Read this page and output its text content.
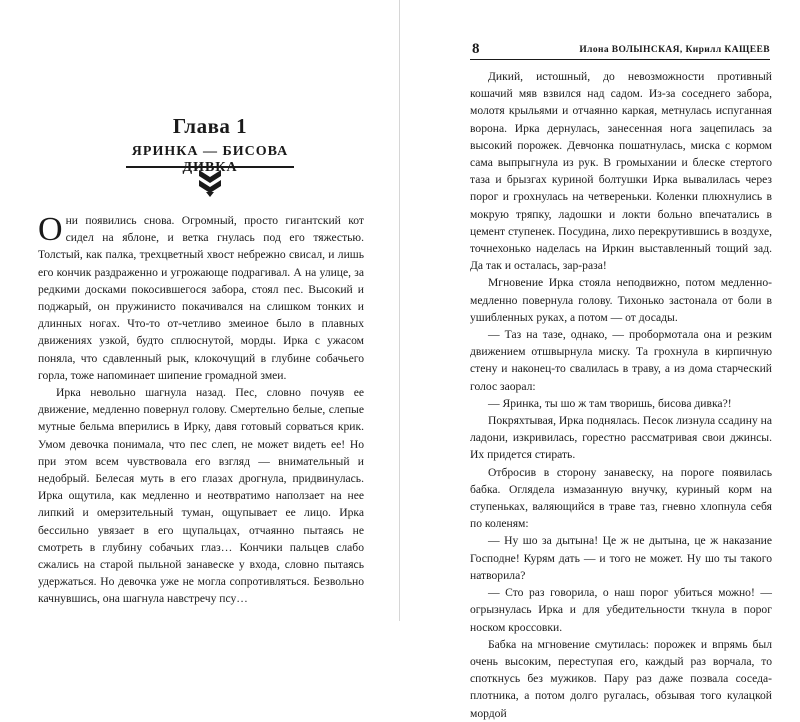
Глава 1
ЯРИНКА — БИСОВА

Они появились снова. Огромный, просто гигантский кот сидел на яблоне, и ветка гнулась под его тяжестью. Толстый, как палка, трехцветный хвост небрежно свисал, и лишь его кончик раздраженно и угрожающе подрагивал. А на улице, за редкими досками покосившегося забора, стоял пес. Высокий и поджарый, он пружинисто покачивался на слишком тонких и длинных ногах. Что-то от-четливо змеиное было в плавных движениях узкой, будто сплюснутой, морды. Ирка с ужасом поняла, что сдавленный рык, клокочущий в глубине собачьего горла, тоже напоминает шипение громадной змеи.

Ирка невольно шагнула назад. Пес, словно почуяв ее движение, медленно повернул голову. Смертельно белые, слепые мутные бельма вперились в Ирку, давя готовый сорваться крик. Умом девочка понимала, что пес слеп, не может видеть ее! Но при этом всем чувствовала его взгляд — внимательный и недобрый. Белесая муть в его глазах дрогнула, придвинулась. Ирка ощутила, как медленно и неотвратимо наползает на нее липкий и омерзительный туман, ощупывает ее лицо. Ирка бессильно увязает в его щупальцах, отчаянно пытаясь не смотреть в глубину собачьих глаз… Кончики пальцев слабо сжались на старой пыльной занавеске у входа, словно пытаясь удержаться. Но девочка уже не могла сопротивляться. Безвольно качнувшись, она шагнула навстречу псу…

8	Илона ВОЛЫНСКАЯ, Кирилл КАЩЕЕВ

Дикий, истошный, до невозможности противный кошачий мяв взвился над садом. Из-за соседнего забора, молотя крыльями и отчаянно каркая, метнулась испуганная ворона. Ирка дернулась, занесенная нога зацепилась за высокий порожек. Девчонка пошатнулась, миска с кормом сама выпрыгнула из рук. В громыхании и блеске стертого таза и брызгах куриной болтушки Ирка вывалилась через порог и грохнулась на четвереньки. Коленки плюхнулись в мокрую тряпку, ладошки и локти больно впечатались в цемент ступенек. Посудина, лихо перекрутившись в воздухе, точнехонько наделась на Иркин выставленный тощий зад. Да так и осталась, зар-раза!

Мгновение Ирка стояла неподвижно, потом медленно-медленно повернула голову. Тихонько застонала от боли в ушибленных руках, а потом — от досады.

— Таз на тазе, однако, — пробормотала она и резким движением отшвырнула миску. Та грохнула в кирпичную стену и наконец-то свалилась в траву, а из дома старческий голос заорал:

— Яринка, ты шо ж там творишь, бисова дивка?!

Покряхтывая, Ирка поднялась. Песок лизнула ссадину на ладони, изкривилась, горестно рассматривая свои джинсы. Их придется стирать.

Отбросив в сторону занавеску, на пороге появилась бабка. Оглядела измазанную внучку, куриный корм на ступеньках, валяющийся в траве таз, гневно хлопнула себя по коленям:

— Ну шо за дытына! Це ж не дытына, це ж наказание Господне! Курям дать — и того не может. Ну шо ты такого натворила?

— Сто раз говорила, о наш порог убиться можно! — огрызнулась Ирка и для убедительности ткнула в порог носком кроссовки.

Бабка на мгновение смутилась: порожек и впрямь был очень высоким, переступая его, каждый раз ворчала, то споткнусь без мужиков. Пару раз даже позвала соседа-плотника, а потом долго ругалась, обзывая того кулацкой мордой
